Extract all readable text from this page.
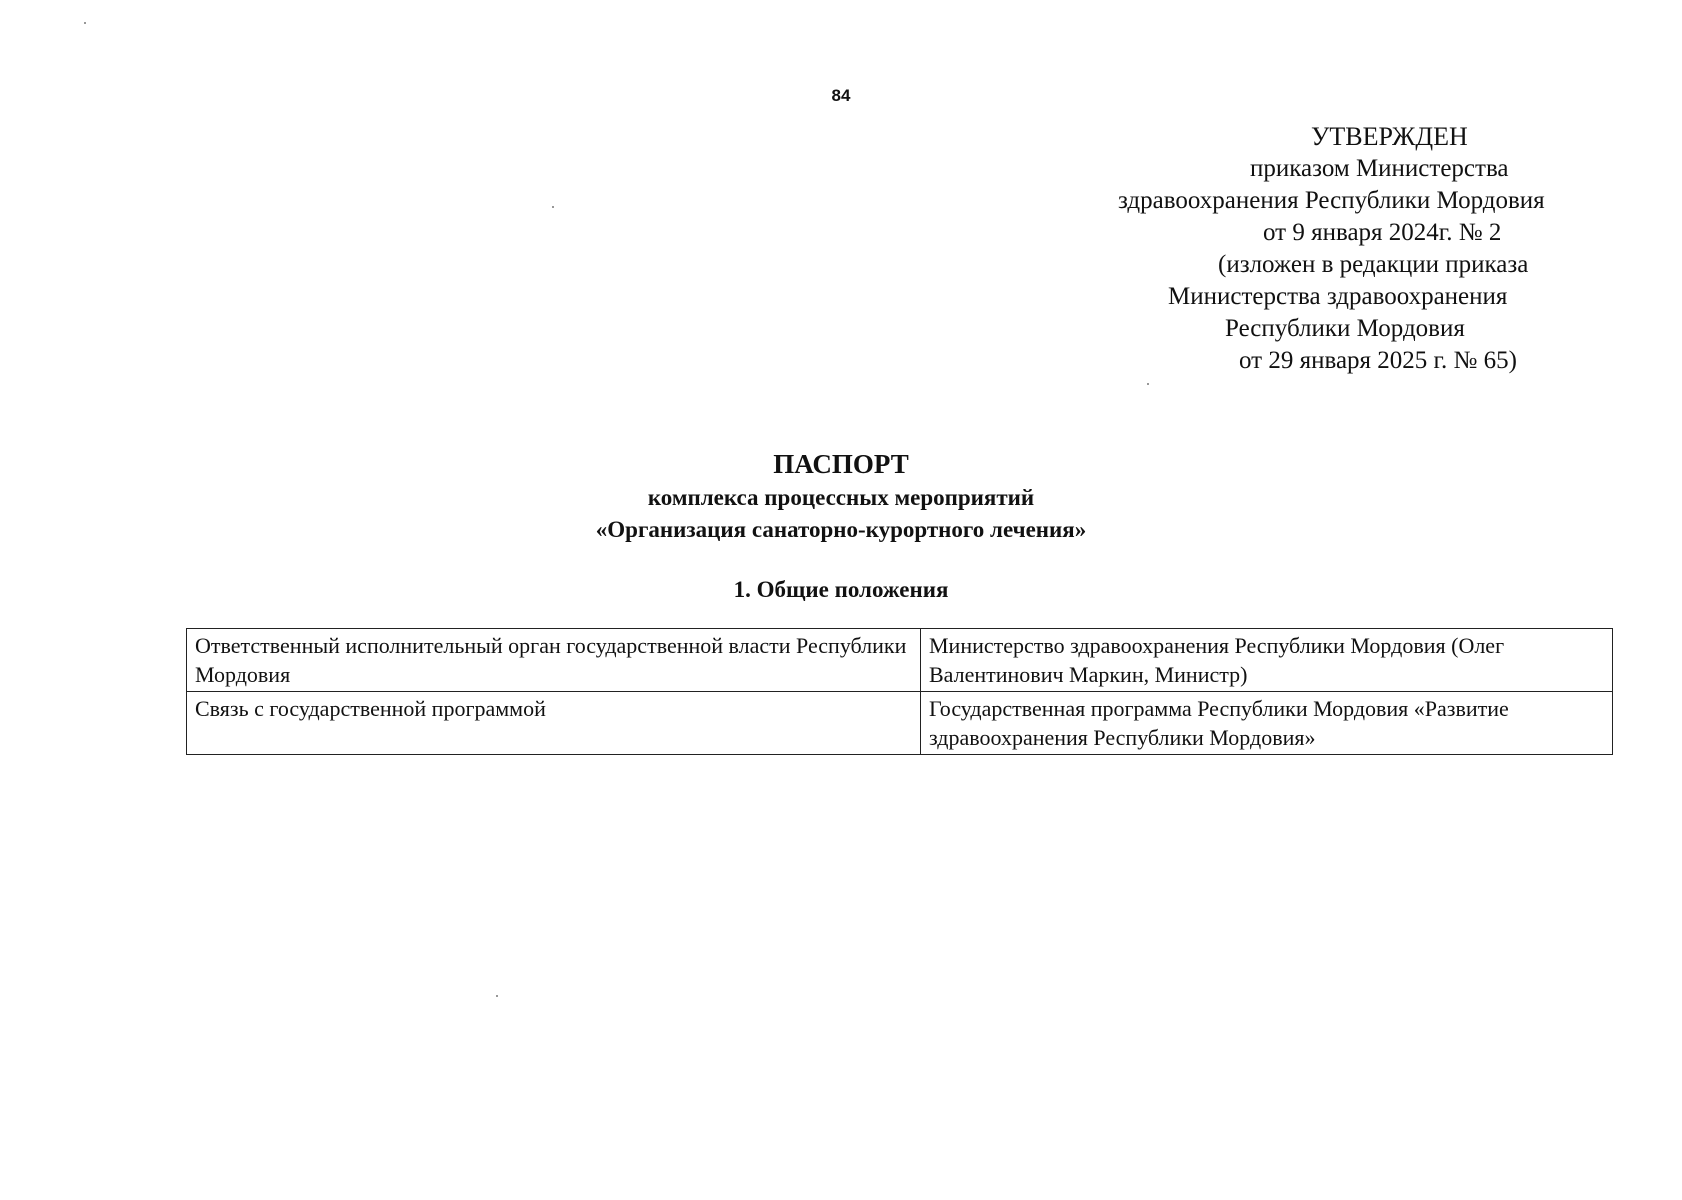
84
УТВЕРЖДЕН
приказом Министерства
здравоохранения Республики Мордовия
от 9 января 2024г. № 2
(изложен в редакции приказа
Министерства здравоохранения
Республики Мордовия
от 29 января 2025 г. № 65)
ПАСПОРТ
комплекса процессных мероприятий
«Организация санаторно-курортного лечения»
1. Общие положения
Ответственный исполнительный орган государственной власти Республики Мордовия	Министерство здравоохранения Республики Мордовия (Олег Валентинович Маркин, Министр)
Связь с государственной программой	Государственная программа Республики Мордовия «Развитие здравоохранения Республики Мордовия»
